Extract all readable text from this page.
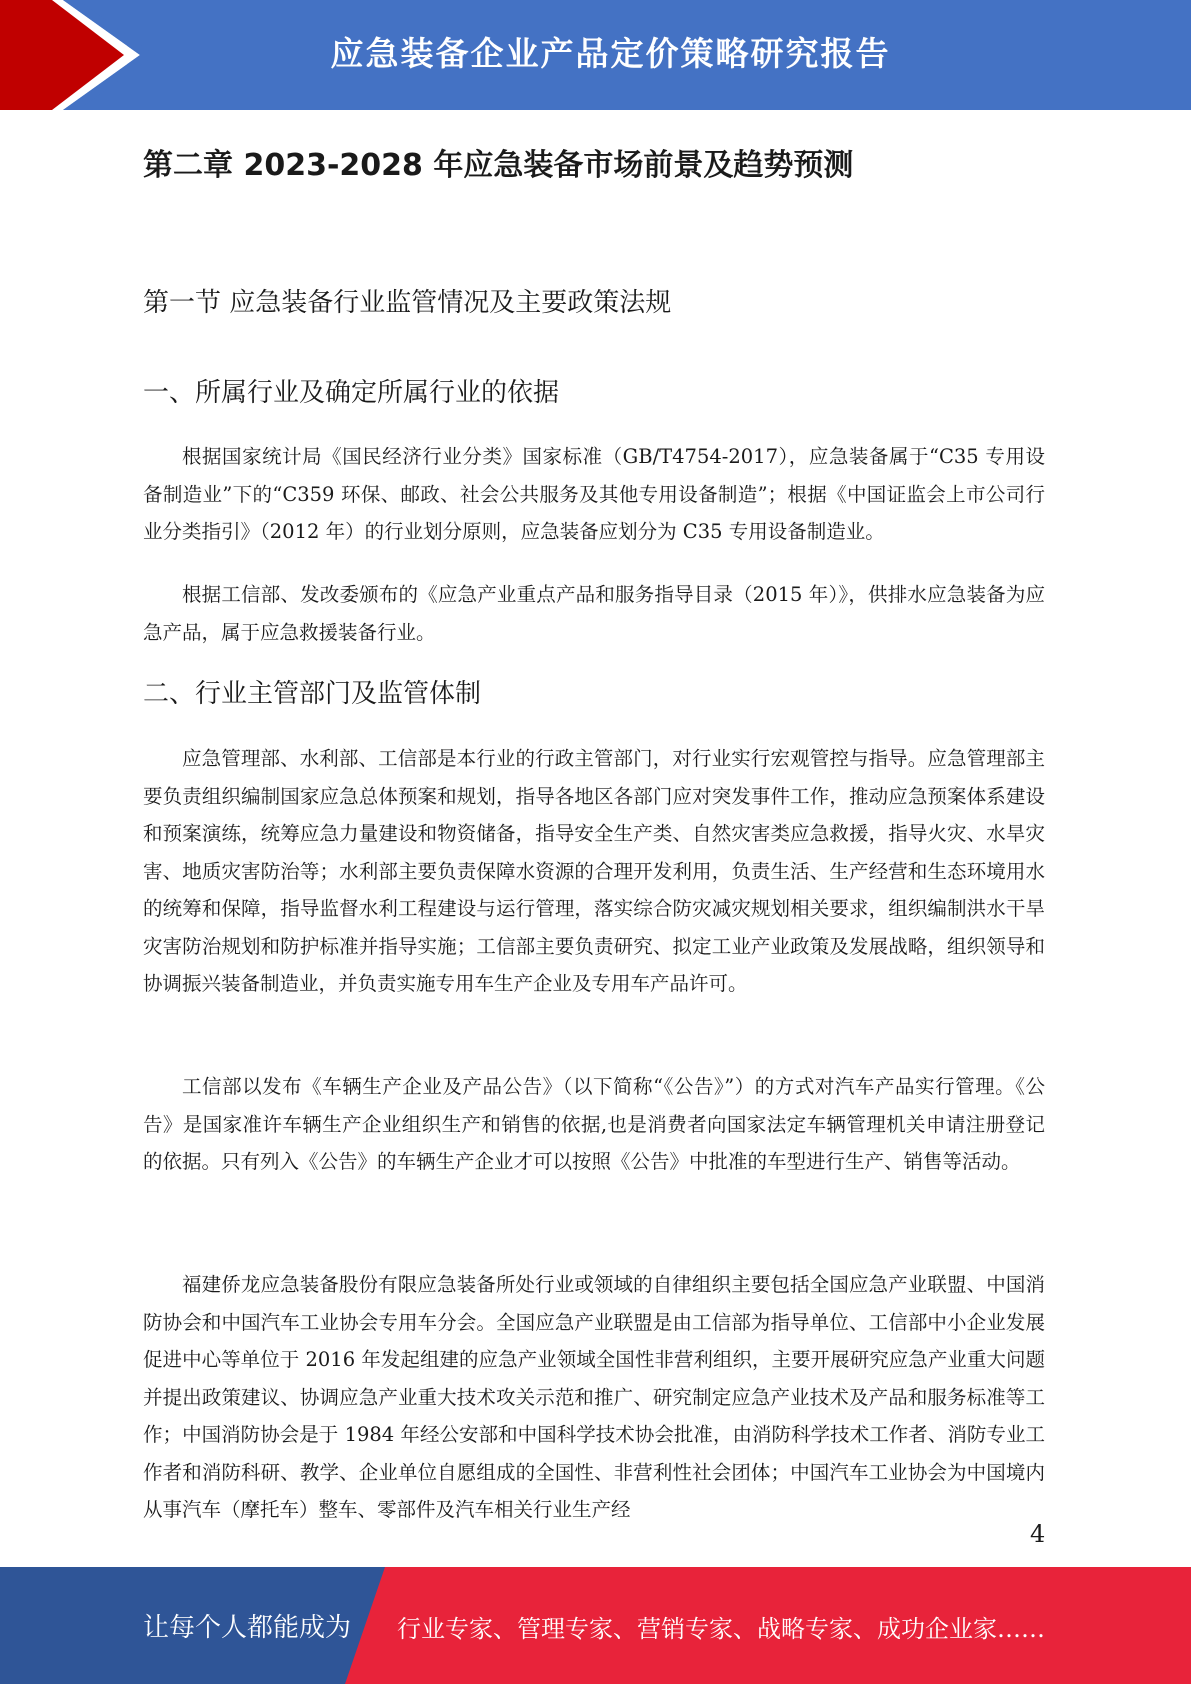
应急装备企业产品定价策略研究报告
第二章 2023-2028 年应急装备市场前景及趋势预测
第一节 应急装备行业监管情况及主要政策法规
一、所属行业及确定所属行业的依据

根据国家统计局《国民经济行业分类》国家标准（GB/T4754-2017），应急装备属于“C35 专用设备制造业”下的“C359 环保、邮政、社会公共服务及其他专用设备制造”；根据《中国证监会上市公司行业分类指引》（2012 年）的行业划分原则，应急装备应划分为 C35 专用设备制造业。

根据工信部、发改委颁布的《应急产业重点产品和服务指导目录（2015 年）》，供排水应急装备为应急产品，属于应急救援装备行业。

二、行业主管部门及监管体制

应急管理部、水利部、工信部是本行业的行政主管部门，对行业实行宏观管控与指导。应急管理部主要负责组织编制国家应急总体预案和规划，指导各地区各部门应对突发事件工作，推动应急预案体系建设和预案演练，统筹应急力量建设和物资储备，指导安全生产类、自然灾害类应急救援，指导火灾、水旱灾害、地质灾害防治等；水利部主要负责保障水资源的合理开发利用，负责生活、生产经营和生态环境用水的统筹和保障，指导监督水利工程建设与运行管理，落实综合防灾减灾规划相关要求，组织编制洪水干旱灾害防治规划和防护标准并指导实施；工信部主要负责研究、拟定工业产业政策及发展战略，组织领导和协调振兴装备制造业，并负责实施专用车生产企业及专用车产品许可。

工信部以发布《车辆生产企业及产品公告》（以下简称“《公告》”）的方式对汽车产品实行管理。《公告》是国家准许车辆生产企业组织生产和销售的依据,也是消费者向国家法定车辆管理机关申请注册登记的依据。只有列入《公告》的车辆生产企业才可以按照《公告》中批准的车型进行生产、销售等活动。

福建侨龙应急装备股份有限应急装备所处行业或领域的自律组织主要包括全国应急产业联盟、中国消防协会和中国汽车工业协会专用车分会。全国应急产业联盟是由工信部为指导单位、工信部中小企业发展促进中心等单位于 2016 年发起组建的应急产业领域全国性非营利组织，主要开展研究应急产业重大问题并提出政策建议、协调应急产业重大技术攻关示范和推广、研究制定应急产业技术及产品和服务标准等工作；中国消防协会是于 1984 年经公安部和中国科学技术协会批准，由消防科学技术工作者、消防专业工作者和消防科研、教学、企业单位自愿组成的全国性、非营利性社会团体；中国汽车工业协会为中国境内从事汽车（摩托车）整车、零部件及汽车相关行业生产经

4
让每个人都能成为 行业专家、管理专家、营销专家、战略专家、成功企业家……
